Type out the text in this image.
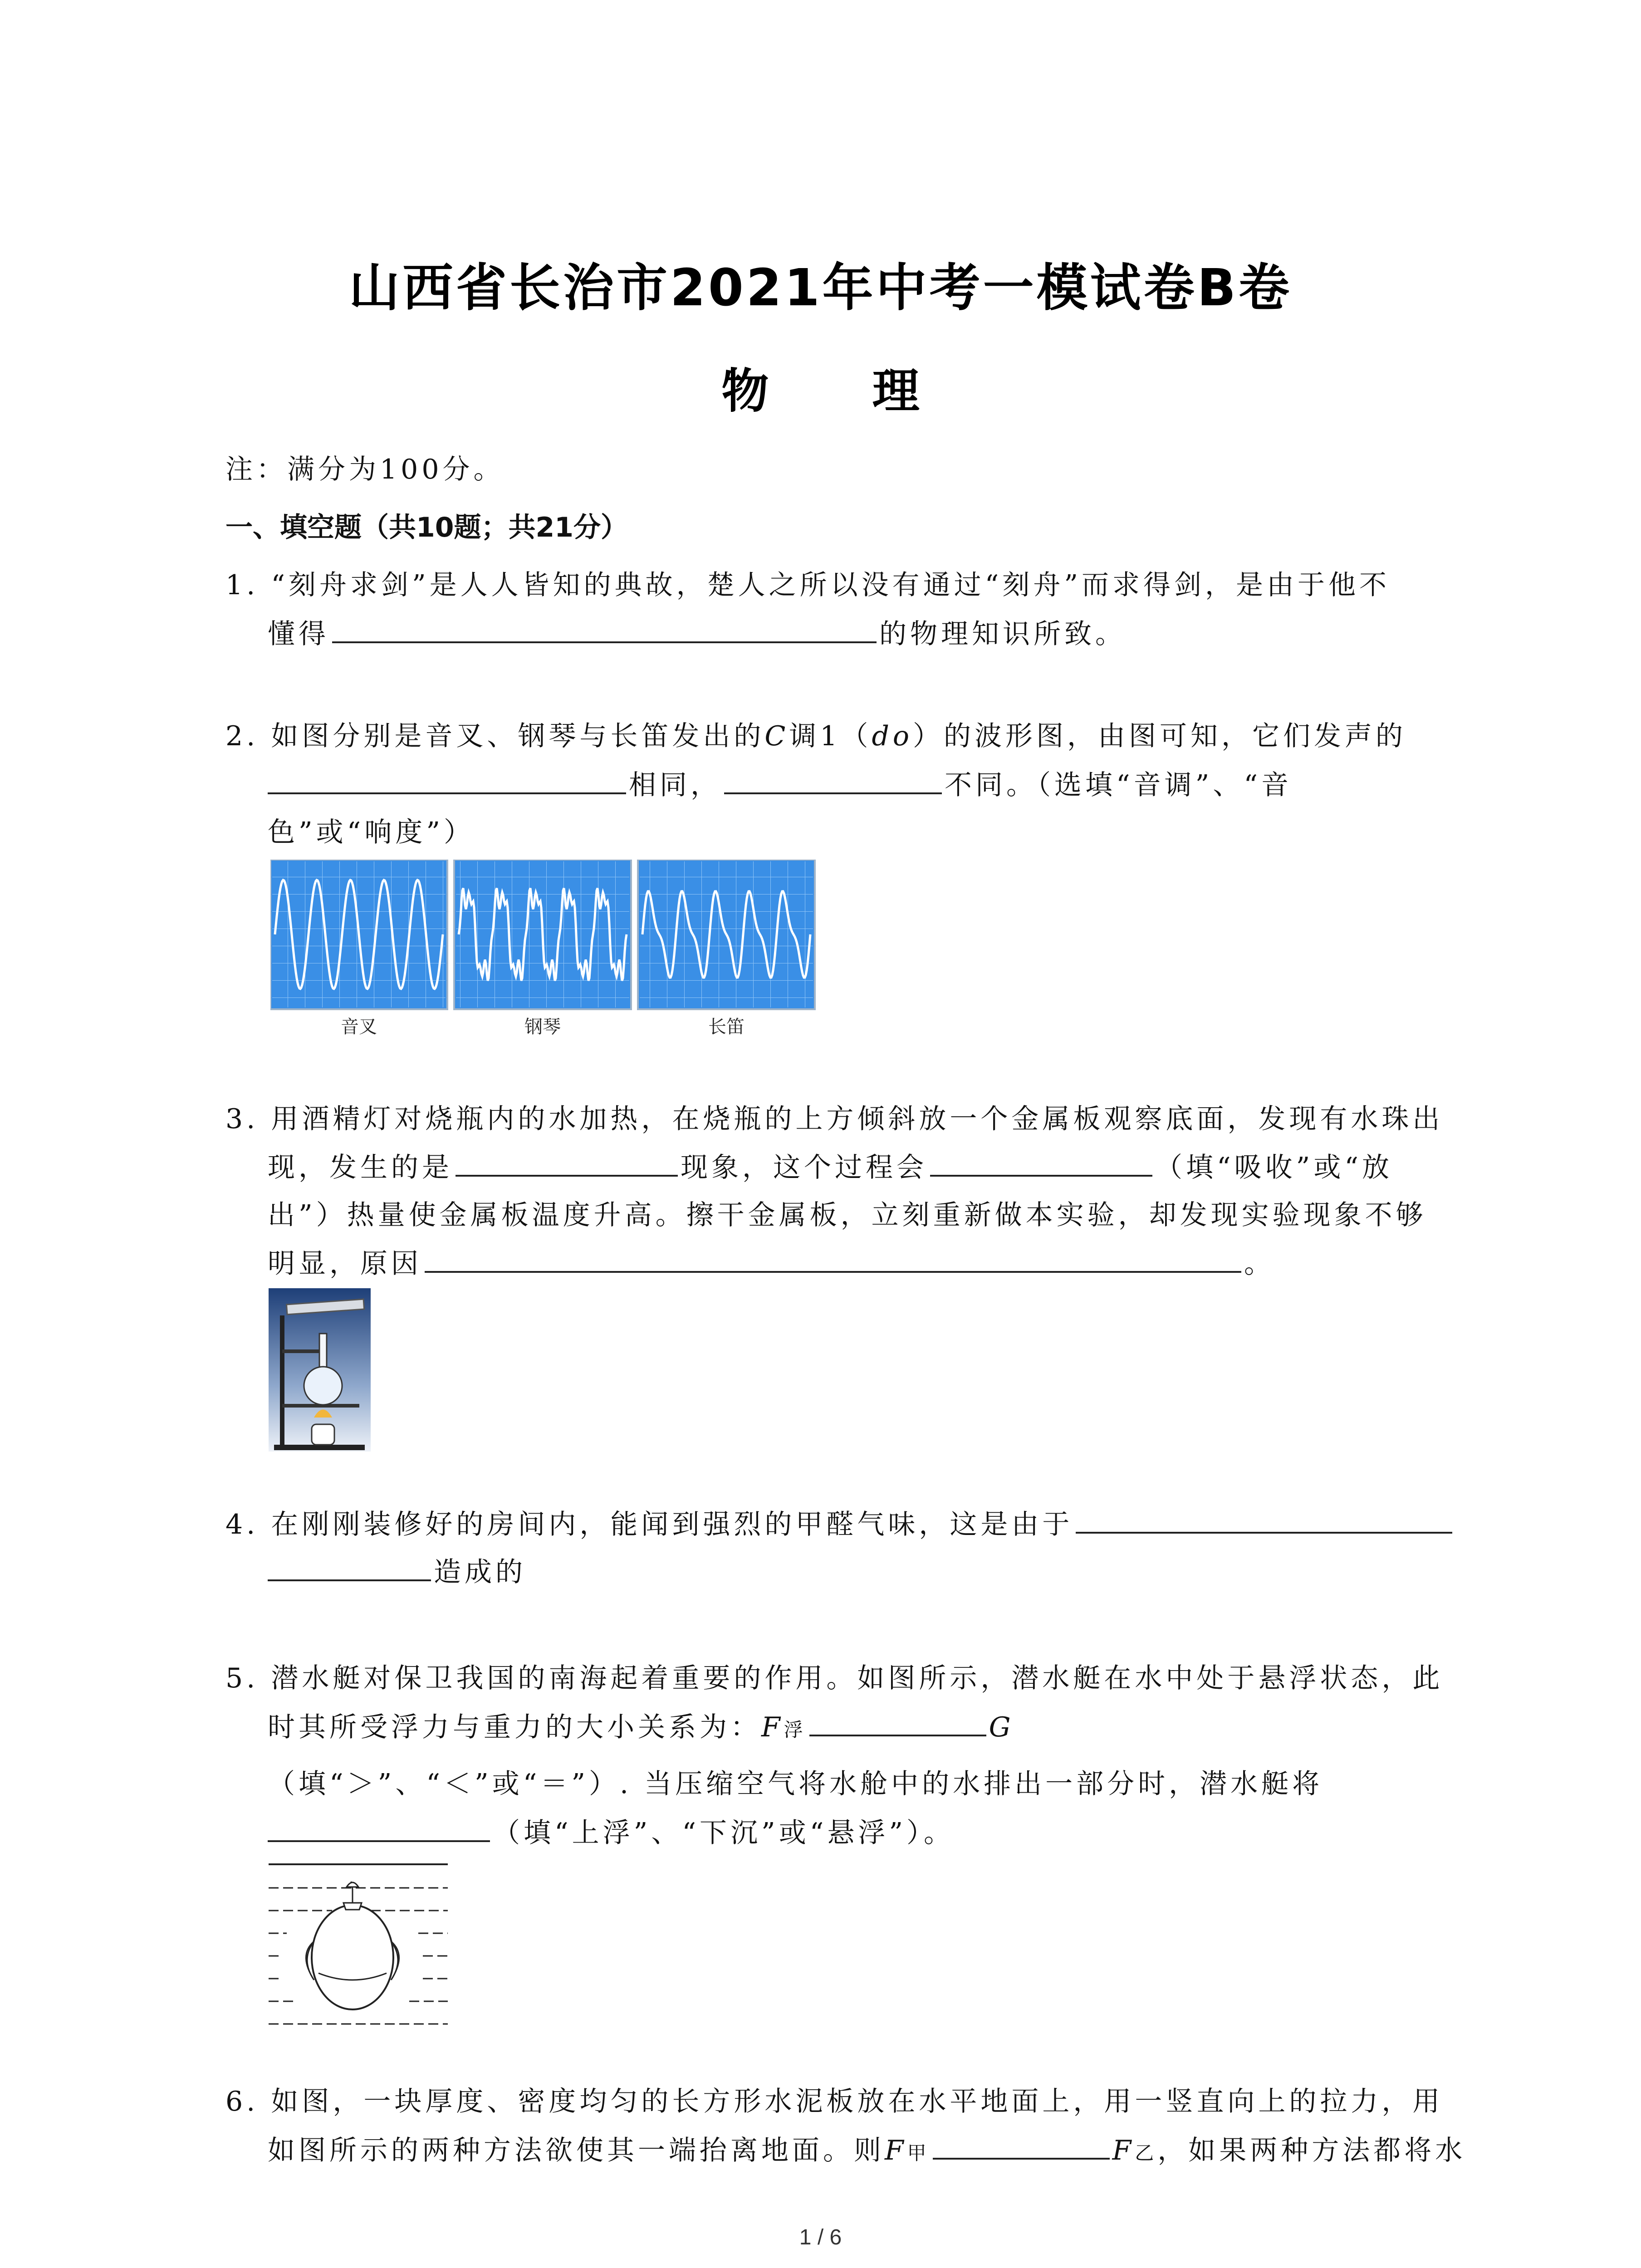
山西省长治市2021年中考一模试卷B卷
物 理
注：满分为100分。
一、填空题（共10题；共21分）
1. “刻舟求剑”是人人皆知的典故，楚人之所以没有通过“刻舟”而求得剑，是由于他不
懂得	的物理知识所致。
2. 如图分别是音叉、钢琴与长笛发出的C调1（do）的波形图，由图可知，它们发声的
相同，	不同。（选填“音调”、“音
色”或“响度”）
音叉	钢琴	长笛
3. 用酒精灯对烧瓶内的水加热，在烧瓶的上方倾斜放一个金属板观察底面，发现有水珠出
现，发生的是	现象，这个过程会	（填“吸收”或“放
出”）热量使金属板温度升高。擦干金属板，立刻重新做本实验，却发现实验现象不够
明显，原因	。
4. 在刚刚装修好的房间内，能闻到强烈的甲醛气味，这是由于
造成的
5. 潜水艇对保卫我国的南海起着重要的作用。如图所示，潜水艇在水中处于悬浮状态，此
时其所受浮力与重力的大小关系为：F浮	G
（填“＞”、“＜”或“＝”）. 当压缩空气将水舱中的水排出一部分时，潜水艇将
（填“上浮”、“下沉”或“悬浮”）。
6. 如图，一块厚度、密度均匀的长方形水泥板放在水平地面上，用一竖直向上的拉力，用
如图所示的两种方法欲使其一端抬离地面。则F甲	F乙，如果两种方法都将水
1 / 6
